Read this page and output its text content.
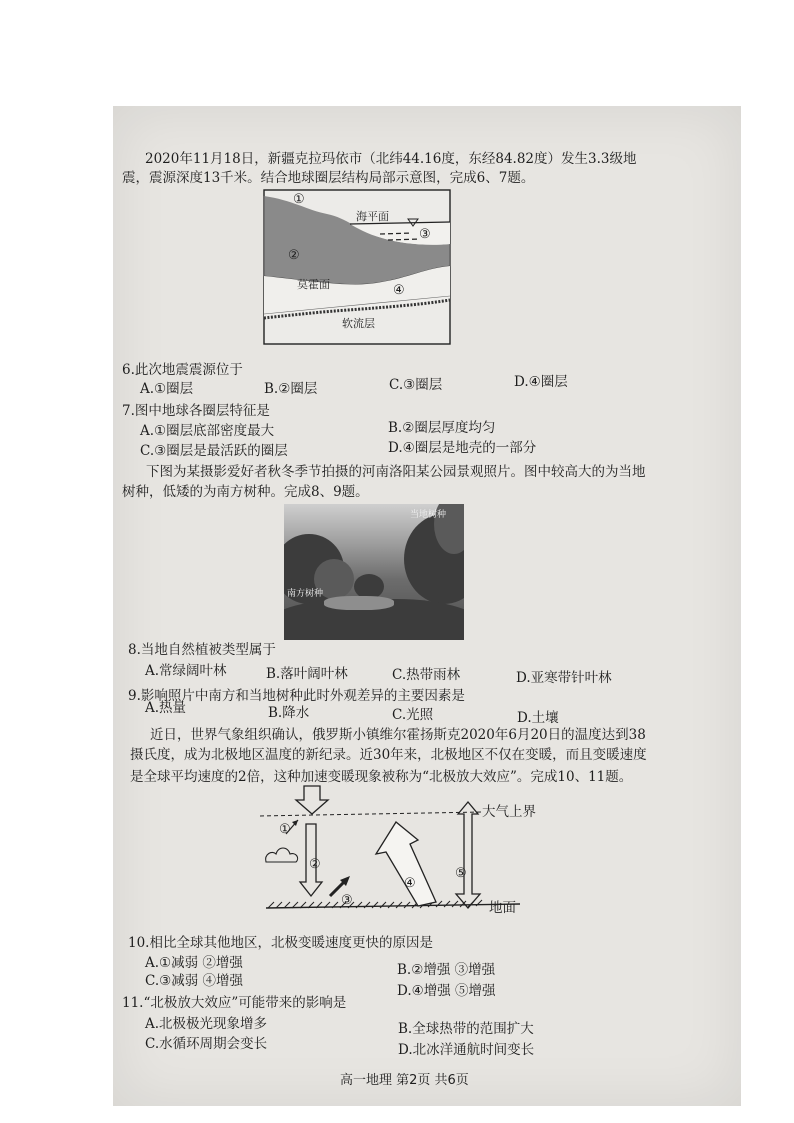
2020年11月18日，新疆克拉玛依市（北纬44.16度，东经84.82度）发生3.3级地
震，震源深度13千米。结合地球圈层结构局部示意图，完成6、7题。
①
②
③
④
海平面
莫霍面
软流层
6.此次地震震源位于
A.①圈层	B.②圈层	C.③圈层	D.④圈层
7.图中地球各圈层特征是
A.①圈层底部密度最大	B.②圈层厚度均匀
C.③圈层是最活跃的圈层	D.④圈层是地壳的一部分
下图为某摄影爱好者秋冬季节拍摄的河南洛阳某公园景观照片。图中较高大的为当地
树种，低矮的为南方树种。完成8、9题。
当地树种
南方树种
8.当地自然植被类型属于
A.常绿阔叶林	B.落叶阔叶林	C.热带雨林	D.亚寒带针叶林
9.影响照片中南方和当地树种此时外观差异的主要因素是
A.热量	B.降水	C.光照	D.土壤
近日，世界气象组织确认，俄罗斯小镇维尔霍扬斯克2020年6月20日的温度达到38
摄氏度，成为北极地区温度的新纪录。近30年来，北极地区不仅在变暖，而且变暖速度
是全球平均速度的2倍，这种加速变暖现象被称为“北极放大效应”。完成10、11题。
大气上界
地面
①
②
③
④
⑤
10.相比全球其他地区，北极变暖速度更快的原因是
A.①减弱 ②增强	B.②增强 ③增强
C.③减弱 ④增强
D.④增强 ⑤增强
11.“北极放大效应”可能带来的影响是
A.北极极光现象增多	B.全球热带的范围扩大
C.水循环周期会变长	D.北冰洋通航时间变长
高一地理 第2页 共6页
